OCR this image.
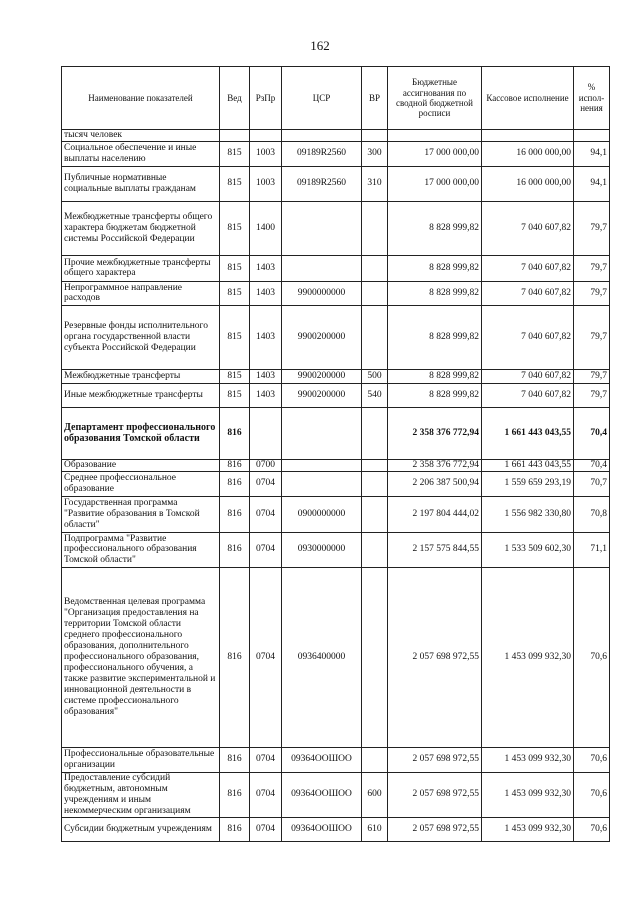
162
Наименование показателей	Вед	РзПр	ЦСР	ВР	Бюджетные ассигнования по сводной бюджетной росписи	Кассовое исполнение	% испол-нения
тысяч человек							
Социальное обеспечение и иные выплаты населению	815	1003	09189R2560	300	17 000 000,00	16 000 000,00	94,1
Публичные нормативные социальные выплаты гражданам	815	1003	09189R2560	310	17 000 000,00	16 000 000,00	94,1
Межбюджетные трансферты общего характера бюджетам бюджетной системы Российской Федерации	815	1400			8 828 999,82	7 040 607,82	79,7
Прочие межбюджетные трансферты общего характера	815	1403			8 828 999,82	7 040 607,82	79,7
Непрограммное направление расходов	815	1403	9900000000		8 828 999,82	7 040 607,82	79,7
Резервные фонды исполнительного органа государственной власти субъекта Российской Федерации	815	1403	9900200000		8 828 999,82	7 040 607,82	79,7
Межбюджетные трансферты	815	1403	9900200000	500	8 828 999,82	7 040 607,82	79,7
Иные межбюджетные трансферты	815	1403	9900200000	540	8 828 999,82	7 040 607,82	79,7
Департамент профессионального образования Томской области	816				2 358 376 772,94	1 661 443 043,55	70,4
Образование	816	0700			2 358 376 772,94	1 661 443 043,55	70,4
Среднее профессиональное образование	816	0704			2 206 387 500,94	1 559 659 293,19	70,7
Государственная программа "Развитие образования в Томской области"	816	0704	0900000000		2 197 804 444,02	1 556 982 330,80	70,8
Подпрограмма "Развитие профессионального образования Томской области"	816	0704	0930000000		2 157 575 844,55	1 533 509 602,30	71,1
Ведомственная целевая программа "Организация предоставления на территории Томской области среднего профессионального образования, дополнительного профессионального образования, профессионального обучения, а также развитие экспериментальной и инновационной деятельности в системе профессионального образования"	816	0704	0936400000		2 057 698 972,55	1 453 099 932,30	70,6
Профессиональные образовательные организации	816	0704	09364OOШOO		2 057 698 972,55	1 453 099 932,30	70,6
Предоставление субсидий бюджетным, автономным учреждениям и иным некоммерческим организациям	816	0704	09364OOШOO	600	2 057 698 972,55	1 453 099 932,30	70,6
Субсидии бюджетным учреждениям	816	0704	09364OOШOO	610	2 057 698 972,55	1 453 099 932,30	70,6
